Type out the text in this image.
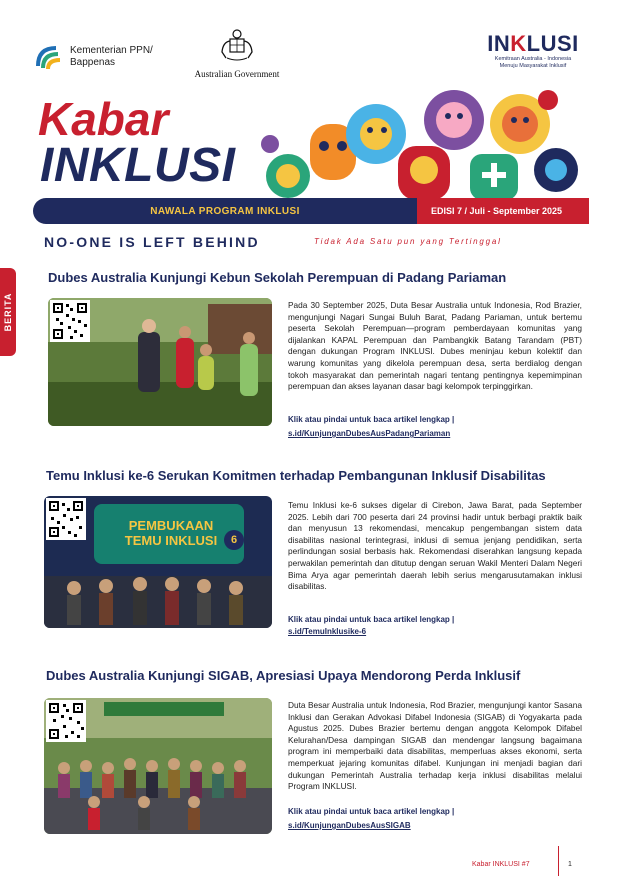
Kementerian PPN/
Bappenas
Australian Government
INKLUSI
Kemitraan Australia - Indonesia
Menuju Masyarakat Inklusif
Kabar
INKLUSI
NAWALA PROGRAM INKLUSI	EDISI 7 / Juli - September 2025
NO-ONE IS LEFT BEHIND	Tidak Ada Satu pun yang Tertinggal
BERITA
Dubes Australia Kunjungi Kebun Sekolah Perempuan di Padang Pariaman
Pada 30 September 2025, Duta Besar Australia untuk Indonesia, Rod Brazier, mengunjungi Nagari Sungai Buluh Barat, Padang Pariaman, untuk bertemu peserta Sekolah Perempuan—program pemberdayaan komunitas yang dijalankan KAPAL Perempuan dan Pambangkik Batang Tarandam (PBT) dengan dukungan Program INKLUSI. Dubes meninjau kebun kolektif dan warung komunitas yang dikelola perempuan desa, serta berdialog dengan tokoh masyarakat dan pemerintah nagari tentang pentingnya kepemimpinan perempuan dan akses layanan dasar bagi kelompok terpinggirkan.
Klik atau pindai untuk baca artikel lengkap |
s.id/KunjunganDubesAusPadangPariaman
Temu Inklusi ke-6 Serukan Komitmen terhadap Pembangunan Inklusif Disabilitas
PEMBUKAAN
TEMU INKLUSI	6
Temu Inklusi ke-6 sukses digelar di Cirebon, Jawa Barat, pada September 2025. Lebih dari 700 peserta dari 24 provinsi hadir untuk berbagi praktik baik dan menyusun 13 rekomendasi, mencakup pengembangan sistem data disabilitas nasional terintegrasi, inklusi di semua jenjang pendidikan, serta perlindungan sosial berbasis hak. Rekomendasi diserahkan langsung kepada perwakilan pemerintah dan ditutup dengan seruan Wakil Menteri Dalam Negeri Bima Arya agar pemerintah daerah lebih serius mengarusutamakan inklusi disabilitas.
Klik atau pindai untuk baca artikel lengkap | s.id/TemuInklusike-6
Dubes Australia Kunjungi SIGAB, Apresiasi Upaya Mendorong Perda Inklusif
Duta Besar Australia untuk Indonesia, Rod Brazier, mengunjungi kantor Sasana Inklusi dan Gerakan Advokasi Difabel Indonesia (SIGAB) di Yogyakarta pada Agustus 2025. Dubes Brazier bertemu dengan anggota Kelompok Difabel Kelurahan/Desa dampingan SIGAB dan mendengar langsung bagaimana program ini memperbaiki data disabilitas, memperluas akses ekonomi, serta memperkuat jejaring komunitas difabel. Kunjungan ini menjadi bagian dari dukungan Pemerintah Australia terhadap kerja inklusi disabilitas melalui Program INKLUSI.
Klik atau pindai untuk baca artikel lengkap |
s.id/KunjunganDubesAusSIGAB
Kabar INKLUSI #7	1
